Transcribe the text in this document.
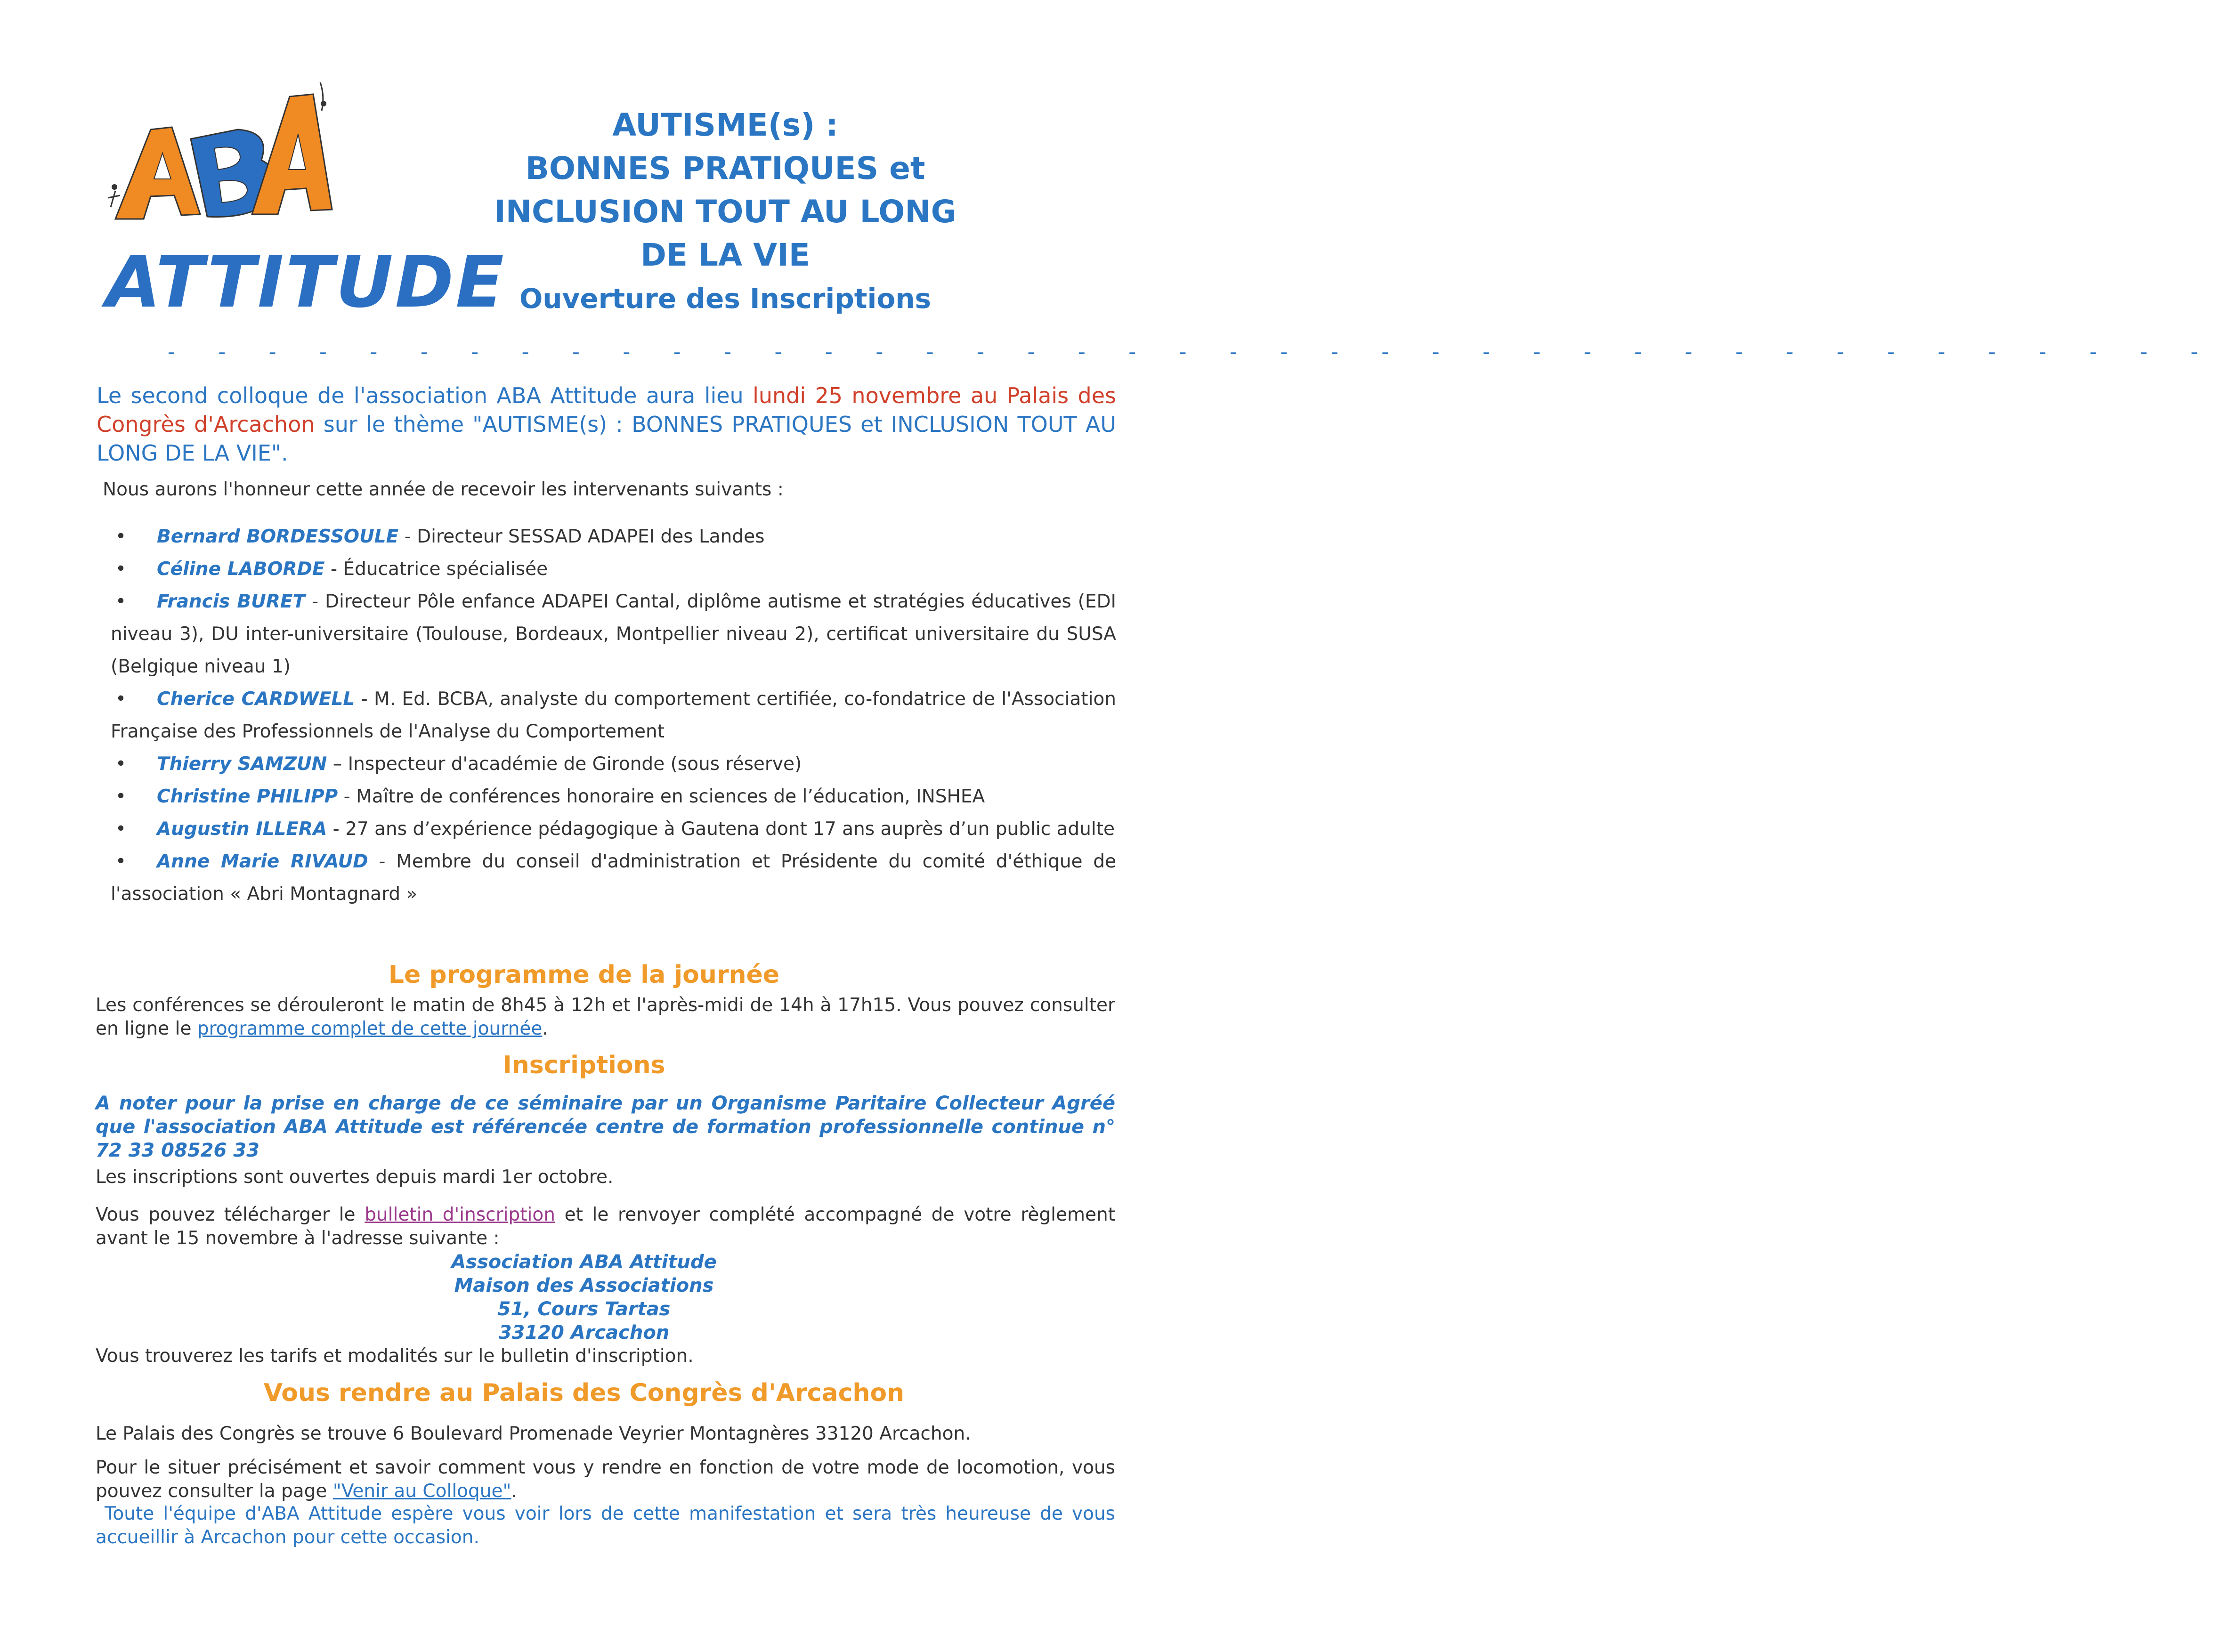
ATTITUDE
AUTISME(s) :
BONNES PRATIQUES et
INCLUSION TOUT AU LONG
DE LA VIE
Ouverture des Inscriptions
- - - - - - - - - - - - - - - - - - - - - - - - - - - - - - - - - - - - - - - - -
Le second colloque de l'association ABA Attitude aura lieu lundi 25 novembre au Palais des Congrès d'Arcachon sur le thème "AUTISME(s) : BONNES PRATIQUES et INCLUSION TOUT AU LONG DE LA VIE".
Nous aurons l'honneur cette année de recevoir les intervenants suivants :
• Bernard BORDESSOULE - Directeur SESSAD ADAPEI des Landes
• Céline LABORDE - Éducatrice spécialisée
• Francis BURET - Directeur Pôle enfance ADAPEI Cantal, diplôme autisme et stratégies éducatives (EDI niveau 3), DU inter-universitaire (Toulouse, Bordeaux, Montpellier niveau 2), certificat universitaire du SUSA (Belgique niveau 1)
• Cherice CARDWELL - M. Ed. BCBA, analyste du comportement certifiée, co-fondatrice de l'Association Française des Professionnels de l'Analyse du Comportement
• Thierry SAMZUN – Inspecteur d'académie de Gironde (sous réserve)
• Christine PHILIPP - Maître de conférences honoraire en sciences de l’éducation, INSHEA
• Augustin ILLERA - 27 ans d’expérience pédagogique à Gautena dont 17 ans auprès d’un public adulte
• Anne Marie RIVAUD - Membre du conseil d'administration et Présidente du comité d'éthique de l'association « Abri Montagnard »
Le programme de la journée
Les conférences se dérouleront le matin de 8h45 à 12h et l'après-midi de 14h à 17h15. Vous pouvez consulter en ligne le programme complet de cette journée.
Inscriptions
A noter pour la prise en charge de ce séminaire par un Organisme Paritaire Collecteur Agréé que l'association ABA Attitude est référencée centre de formation professionnelle continue n° 72 33 08526 33
Les inscriptions sont ouvertes depuis mardi 1er octobre.
Vous pouvez télécharger le bulletin d'inscription et le renvoyer complété accompagné de votre règlement avant le 15 novembre à l'adresse suivante :
Association ABA Attitude
Maison des Associations
51, Cours Tartas
33120 Arcachon
Vous trouverez les tarifs et modalités sur le bulletin d'inscription.
Vous rendre au Palais des Congrès d'Arcachon
Le Palais des Congrès se trouve 6 Boulevard Promenade Veyrier Montagnères 33120 Arcachon.
Pour le situer précisément et savoir comment vous y rendre en fonction de votre mode de locomotion, vous pouvez consulter la page "Venir au Colloque".
Toute l'équipe d'ABA Attitude espère vous voir lors de cette manifestation et sera très heureuse de vous accueillir à Arcachon pour cette occasion.
